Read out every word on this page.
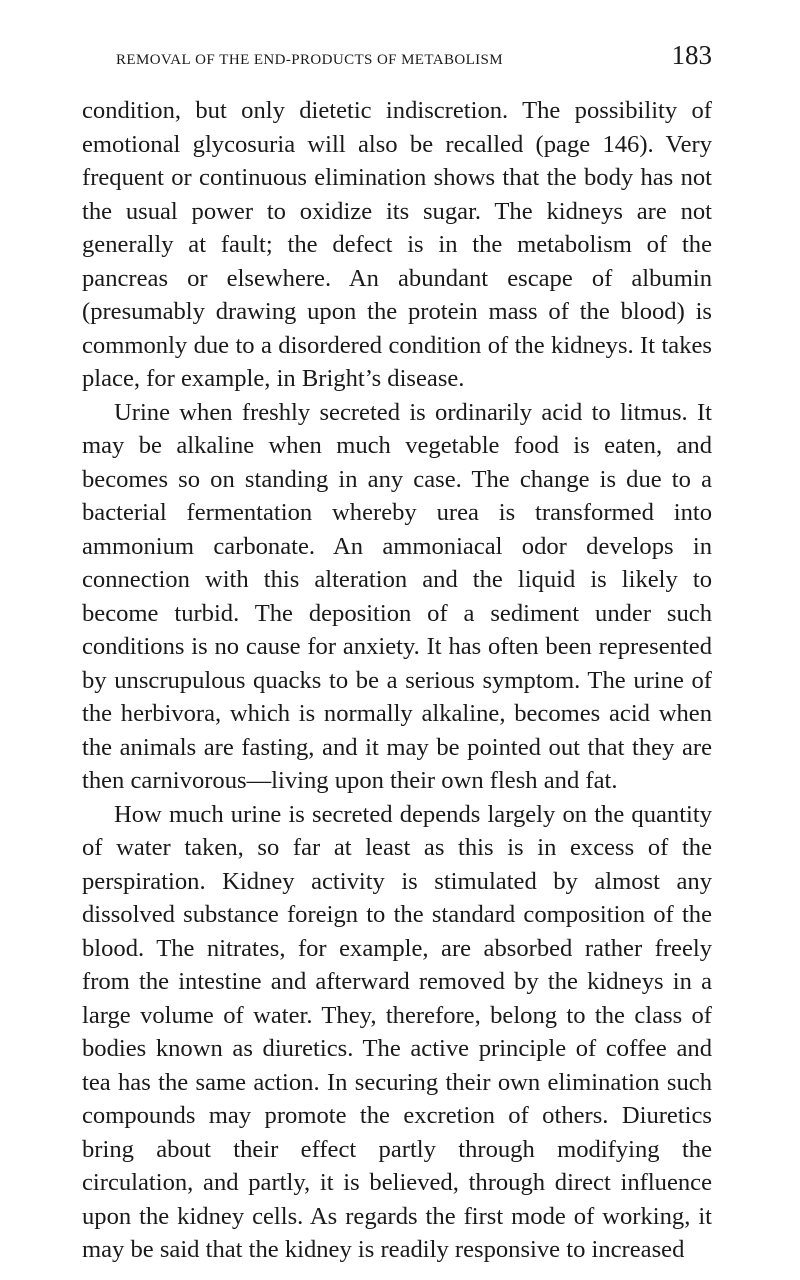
removal of the end-products of metabolism	183

condition, but only dietetic indiscretion. The possibility of emotional glycosuria will also be recalled (page 146). Very frequent or continuous elimination shows that the body has not the usual power to oxidize its sugar. The kidneys are not generally at fault; the defect is in the metabolism of the pancreas or elsewhere. An abundant escape of albumin (presumably drawing upon the protein mass of the blood) is commonly due to a disordered condition of the kidneys. It takes place, for example, in Bright’s disease.

Urine when freshly secreted is ordinarily acid to litmus. It may be alkaline when much vegetable food is eaten, and becomes so on standing in any case. The change is due to a bacterial fermentation whereby urea is transformed into ammonium carbonate. An ammoniacal odor develops in connection with this alteration and the liquid is likely to become turbid. The deposition of a sediment under such conditions is no cause for anxiety. It has often been represented by unscrupulous quacks to be a serious symptom. The urine of the herbivora, which is normally alkaline, becomes acid when the animals are fasting, and it may be pointed out that they are then carnivorous—living upon their own flesh and fat.

How much urine is secreted depends largely on the quantity of water taken, so far at least as this is in excess of the perspiration. Kidney activity is stimulated by almost any dissolved substance foreign to the standard composition of the blood. The nitrates, for example, are absorbed rather freely from the intestine and afterward removed by the kidneys in a large volume of water. They, therefore, belong to the class of bodies known as diuretics. The active principle of coffee and tea has the same action. In securing their own elimination such compounds may promote the excretion of others. Diuretics bring about their effect partly through modifying the circulation, and partly, it is believed, through direct influence upon the kidney cells. As regards the first mode of working, it may be said that the kidney is readily responsive to increased
